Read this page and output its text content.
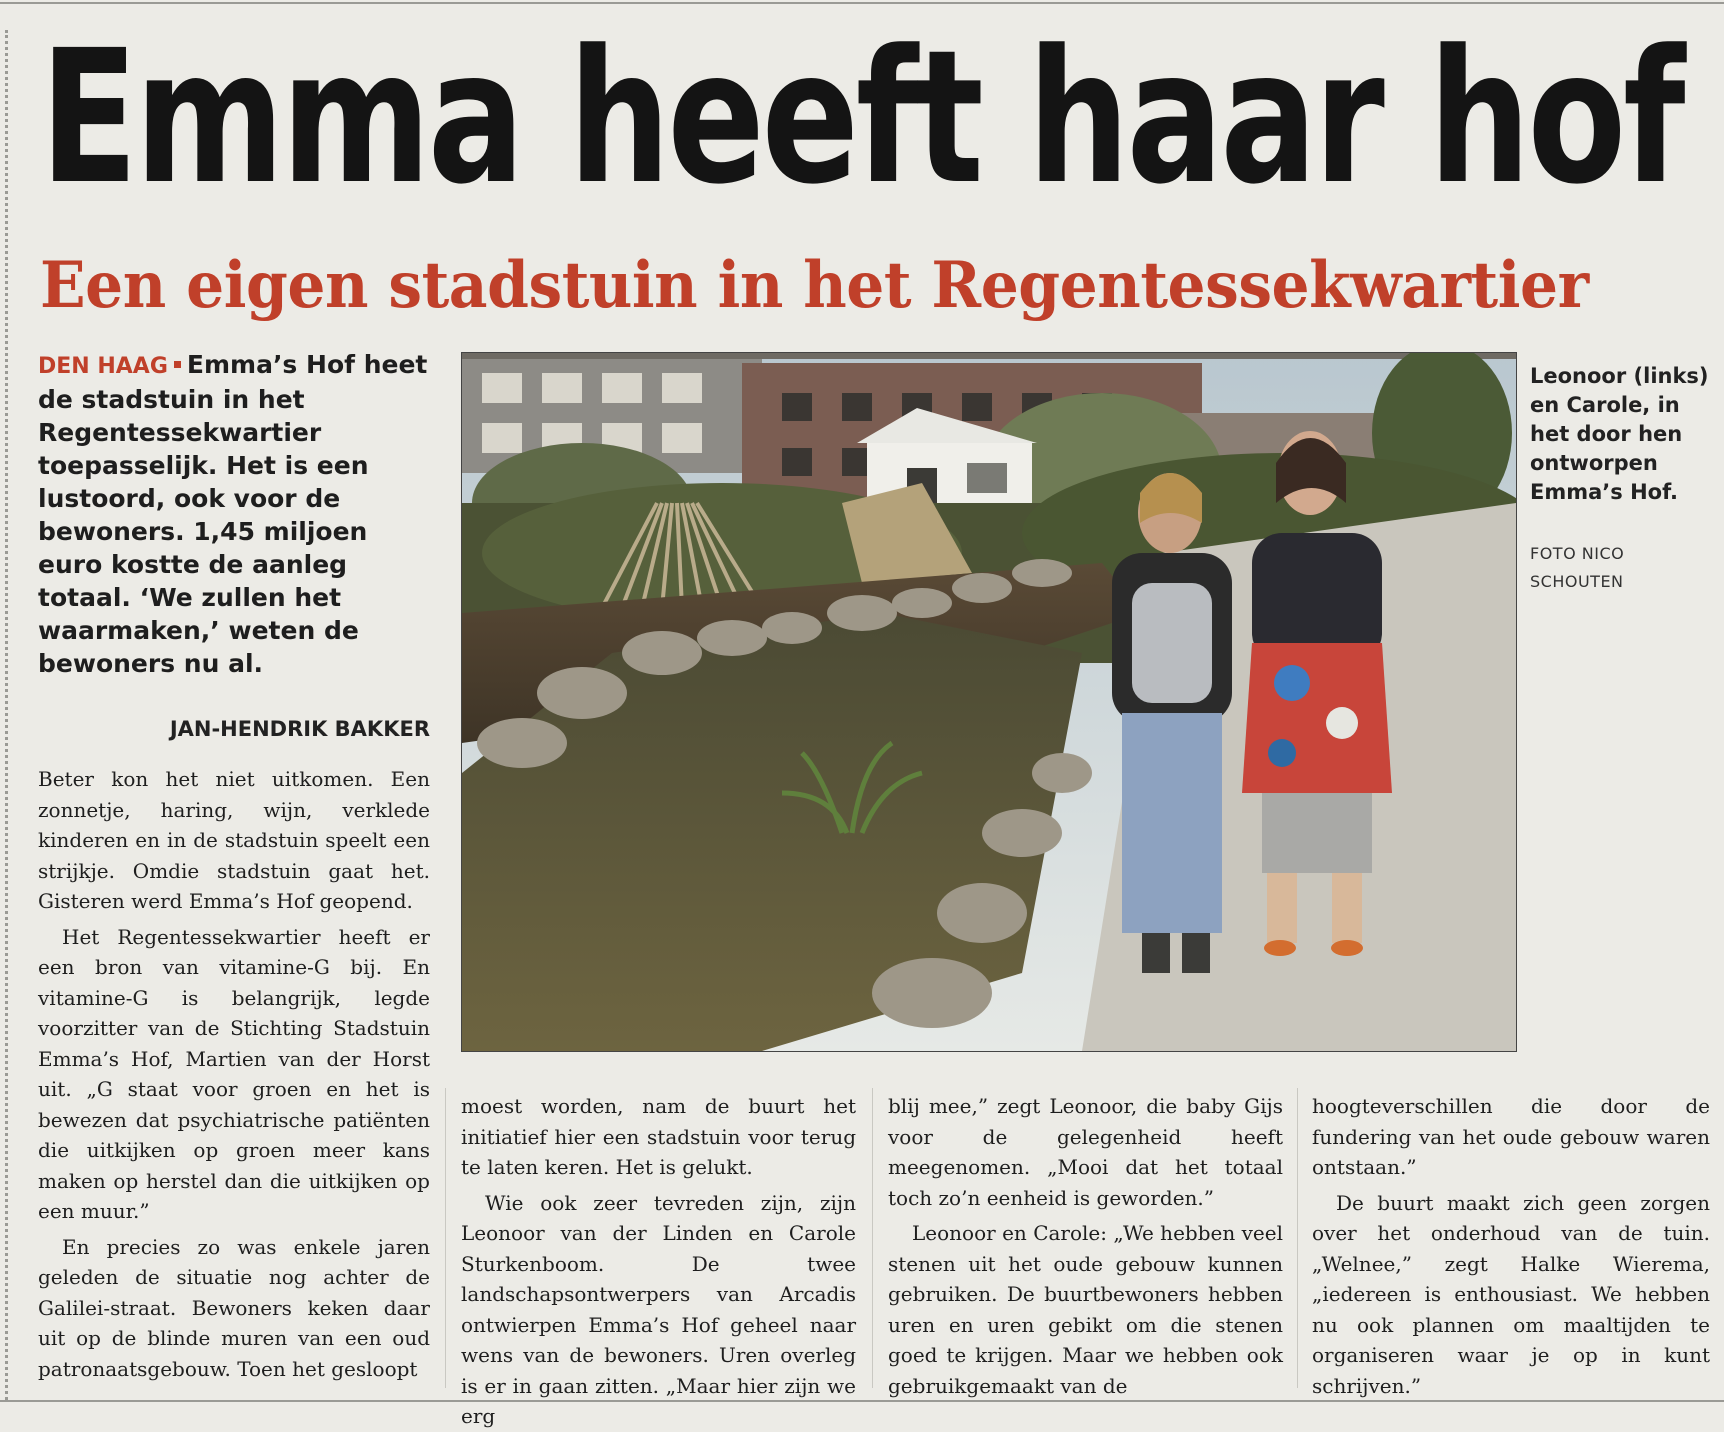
Emma heeft haar hof
Een eigen stadstuin in het Regentessekwartier
DEN HAAG Emma’s Hof heet de stadstuin in het Regentessekwartier toepasselijk. Het is een lustoord, ook voor de bewoners. 1,45 miljoen euro kostte de aanleg totaal. ‘We zullen het waarmaken,’ weten de bewoners nu al.
JAN-HENDRIK BAKKER
Leonoor (links) en Carole, in het door hen ontworpen Emma’s Hof.
FOTO NICO SCHOUTEN

Beter kon het niet uitkomen. Een zonnetje, haring, wijn, verklede kinderen en in de stadstuin speelt een strijkje. Omdie stadstuin gaat het. Gisteren werd Emma’s Hof geopend.

Het Regentessekwartier heeft er een bron van vitamine-G bij. En vitamine-G is belangrijk, legde voorzitter van de Stichting Stadstuin Emma’s Hof, Martien van der Horst uit. „G staat voor groen en het is bewezen dat psychiatrische patiënten die uitkijken op groen meer kans maken op herstel dan die uitkijken op een muur.”

En precies zo was enkele jaren geleden de situatie nog achter de Galilei-straat. Bewoners keken daar uit op de blinde muren van een oud patronaatsgebouw. Toen het gesloopt

moest worden, nam de buurt het initiatief hier een stadstuin voor terug te laten keren. Het is gelukt.

Wie ook zeer tevreden zijn, zijn Leonoor van der Linden en Carole Sturkenboom. De twee landschapsontwerpers van Arcadis ontwierpen Emma’s Hof geheel naar wens van de bewoners. Uren overleg is er in gaan zitten. „Maar hier zijn we erg

blij mee,” zegt Leonoor, die baby Gijs voor de gelegenheid heeft meegenomen. „Mooi dat het totaal toch zo’n eenheid is geworden.”

Leonoor en Carole: „We hebben veel stenen uit het oude gebouw kunnen gebruiken. De buurtbewoners hebben uren en uren gebikt om die stenen goed te krijgen. Maar we hebben ook gebruikgemaakt van de

hoogteverschillen die door de fundering van het oude gebouw waren ontstaan.”

De buurt maakt zich geen zorgen over het onderhoud van de tuin. „Welnee,” zegt Halke Wierema, „iedereen is enthousiast. We hebben nu ook plannen om maaltijden te organiseren waar je op in kunt schrijven.”
